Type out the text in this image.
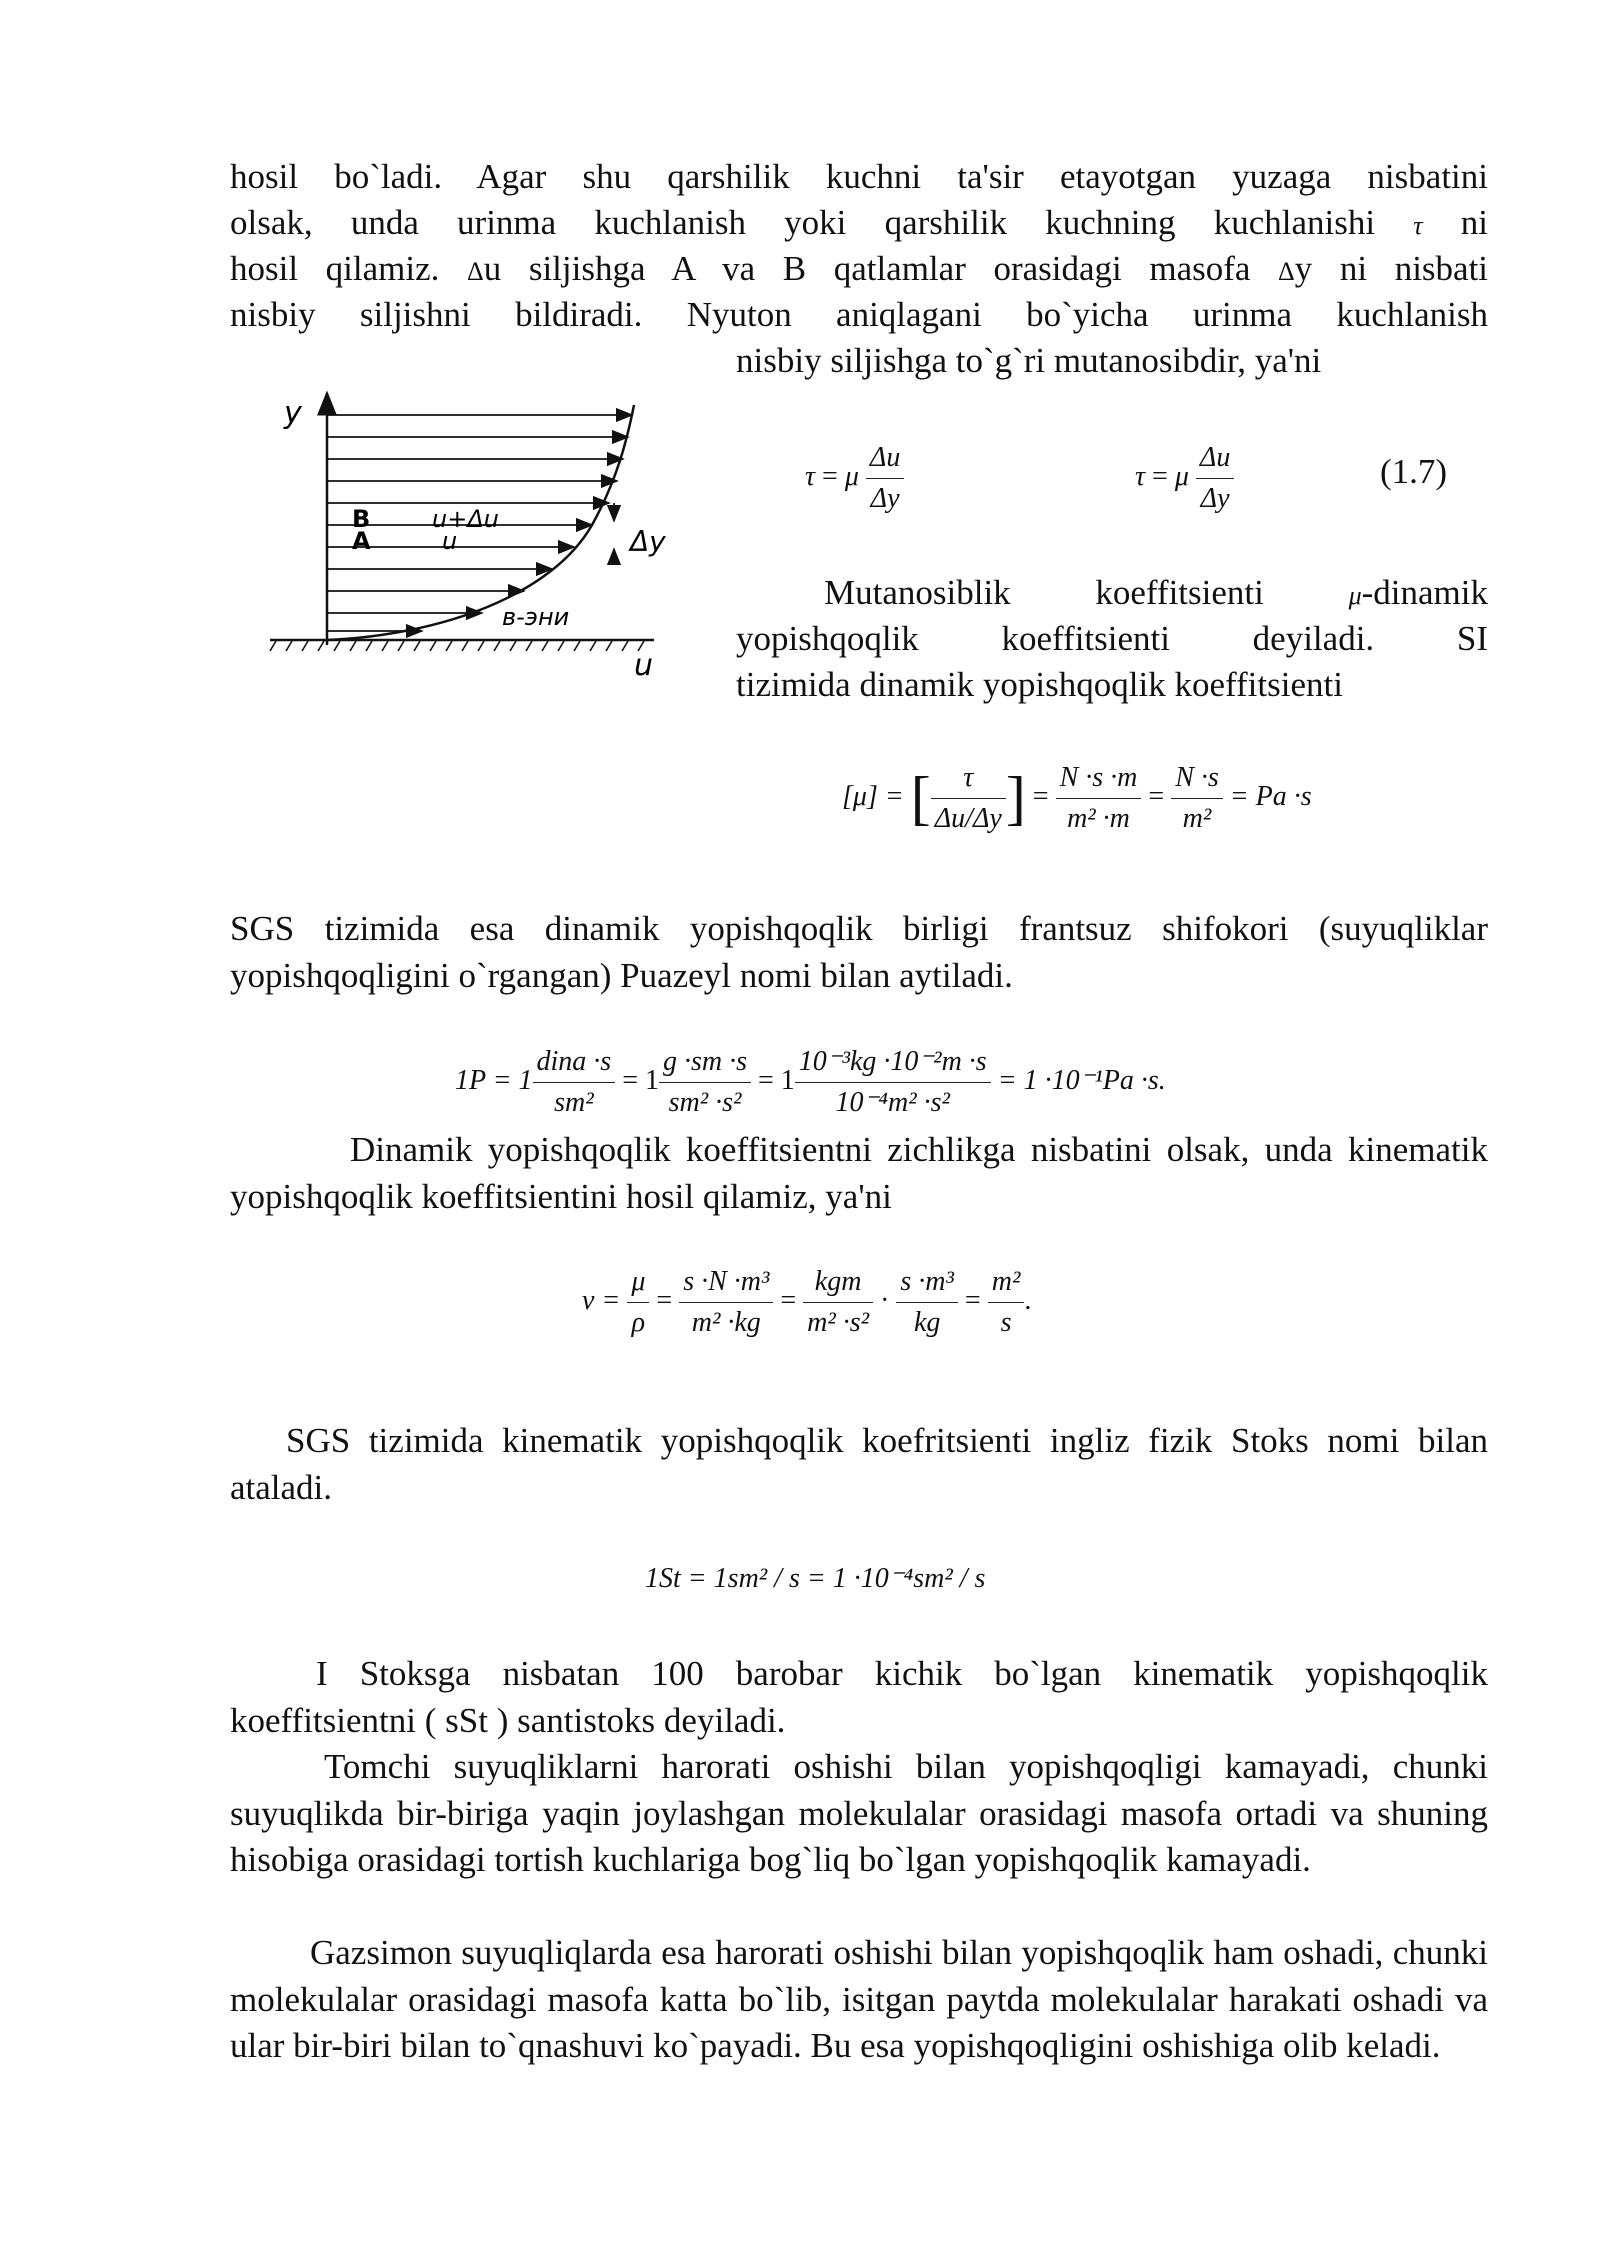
hosil bo`ladi. Agar shu qarshilik kuchni ta'sir etayotgan yuzaga nisbatini
olsak, unda urinma kuchlanish yoki qarshilik kuchning kuchlanishi τ ni
hosil qilamiz. Δu siljishga A va B qatlamlar orasidagi masofa Δy ni nisbati
nisbiy siljishni bildiradi. Nyuton aniqlagani bo`yicha urinma kuchlanish
nisbiy siljishga to`g`ri mutanosibdir, ya'ni
y
B	u+Δu
A	u	Δy
в-эни
u
τ = μ $\frac{\Delta u}{\Delta y}$	τ = μ $\frac{\Delta u}{\Delta y}$	(1.7)
Mutanosiblik koeffitsienti	μ-dinamik
yopishqoqlik koeffitsienti deyiladi. SI
tizimida dinamik yopishqoqlik koeffitsienti
[μ] = [ $\frac{\tau}{\Delta u/\Delta y}$ ] = $\frac{N \cdot s \cdot m}{\text{m² ·m}} = \frac{N \cdot s}{\text{m²}} = Pa \cdot s$
SGS tizimida esa dinamik yopishqoqlik birligi frantsuz shifokori (suyuqliklar yopishqoqligini o`rgangan) Puazeyl nomi bilan aytiladi.
$1P = 1 \frac{\text{dina ·s}}{\text{sm²}} = 1 \frac{g \cdot sm \cdot s}{\text{sm² ·s²}} = 1 \frac{\text{10⁻³kg ·10⁻²m ·s}}{\text{10⁻⁴m² ·s²}} = 1 \cdot 10^{-1}Pa \cdot s$.
Dinamik yopishqoqlik koeffitsientni zichlikga nisbatini olsak, unda kinematik yopishqoqlik koeffitsientini hosil qilamiz, ya'ni
$\nu = \frac{\mu}{\rho} = \frac{\text{s ·N ·m³}}{\text{m² ·kg}} = \frac{\text{kgm}}{\text{m² ·s²}} \cdot \frac{\text{s ·m³}}{kg} = \frac{\text{m²}}{s}$ .
SGS tizimida kinematik yopishqoqlik koefritsienti ingliz fizik Stoks nomi bilan ataladi.
1St = 1sm² / s = 1 ·10⁻⁴sm² / s
I Stoksga nisbatan 100 barobar kichik bo`lgan kinematik yopishqoqlik koeffitsientni ( sSt ) santistoks deyiladi.
Tomchi suyuqliklarni harorati oshishi bilan yopishqoqligi kamayadi, chunki suyuqlikda bir-biriga yaqin joylashgan molekulalar orasidagi masofa ortadi va shuning hisobiga orasidagi tortish kuchlariga bog`liq bo`lgan yopishqoqlik kamayadi.
Gazsimon suyuqliqlarda esa harorati oshishi bilan yopishqoqlik ham oshadi, chunki molekulalar orasidagi masofa katta bo`lib, isitgan paytda molekulalar harakati oshadi va ular bir-biri bilan to`qnashuvi ko`payadi. Bu esa yopishqoqligini oshishiga olib keladi.
